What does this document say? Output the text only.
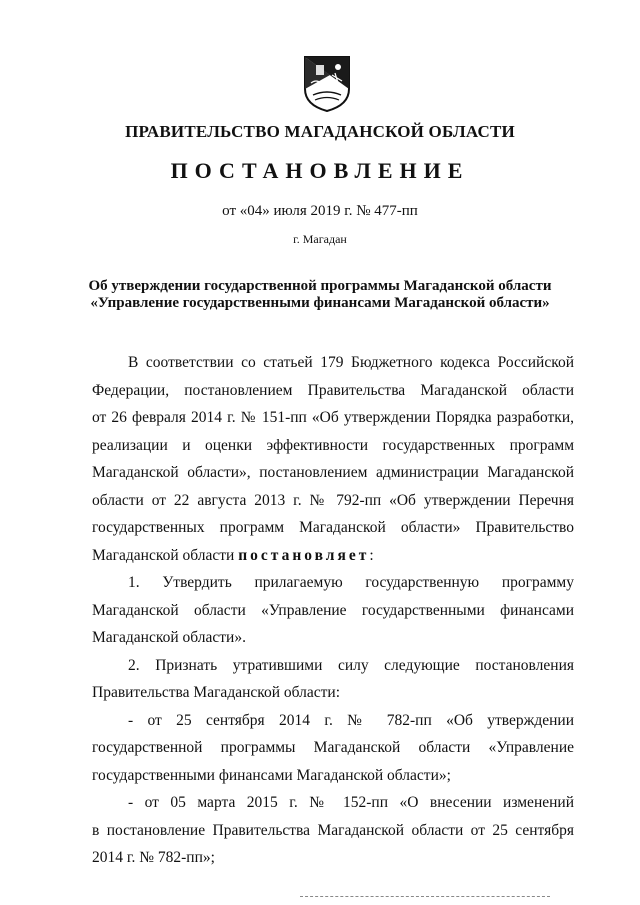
ПРАВИТЕЛЬСТВО МАГАДАНСКОЙ ОБЛАСТИ
ПОСТАНОВЛЕНИЕ
от «04» июля 2019 г. № 477-пп
г. Магадан
Об утверждении государственной программы Магаданской области
«Управление государственными финансами Магаданской области»
В соответствии со статьей 179 Бюджетного кодекса Российской
Федерации, постановлением Правительства Магаданской области
от 26 февраля 2014 г. № 151-пп «Об утверждении Порядка разработки,
реализации и оценки эффективности государственных программ
Магаданской области», постановлением администрации Магаданской
области от 22 августа 2013 г. № 792-пп «Об утверждении Перечня
государственных программ Магаданской области» Правительство
Магаданской области постановляет:
1. Утвердить прилагаемую государственную программу
Магаданской области «Управление государственными финансами
Магаданской области».
2. Признать утратившими силу следующие постановления
Правительства Магаданской области:
- от 25 сентября 2014 г. № 782-пп «Об утверждении
государственной программы Магаданской области «Управление
государственными финансами Магаданской области»;
- от 05 марта 2015 г. № 152-пп «О внесении изменений
в постановление Правительства Магаданской области от 25 сентября
2014 г. № 782-пп»;
